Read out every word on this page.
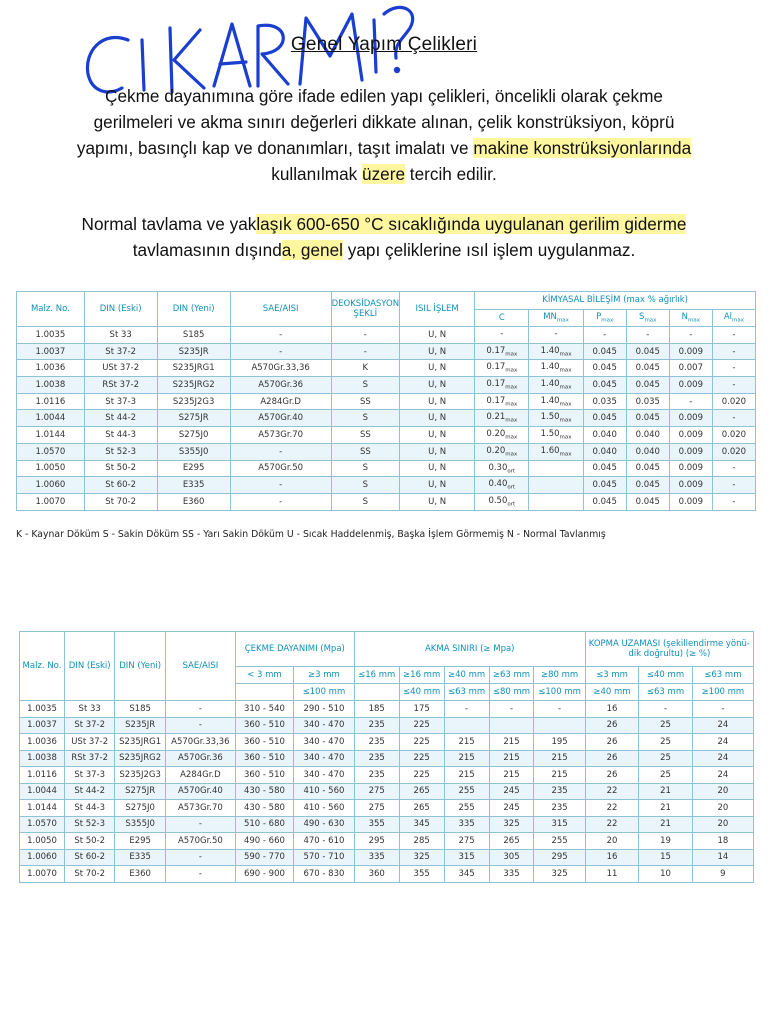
Genel Yapım Çelikleri
Çekme dayanımına göre ifade edilen yapı çelikleri, öncelikli olarak çekme
gerilmeleri ve akma sınırı değerleri dikkate alınan, çelik konstrüksiyon, köprü
yapımı, basınçlı kap ve donanımları, taşıt imalatı ve makine konstrüksiyonlarında
kullanılmak üzere tercih edilir.
Normal tavlama ve yaklaşık 600-650 °C sıcaklığında uygulanan gerilim giderme
tavlamasının dışında, genel yapı çeliklerine ısıl işlem uygulanmaz.
Malz. No.	DIN (Eski)	DIN (Yeni)	SAE/AISI	DEOKSİDASYON ŞEKLİ	ISIL İŞLEM	KİMYASAL BİLEŞİM (max % ağırlık)					
						C	$MN_{max}$	$P_{max}$	$S_{max}$	$N_{max}$	$Al_{max}$
1.0035	St 33	S185	-	-	U, N	-	-	-	-	-	-
1.0037	St 37-2	S235JR	-	-	U, N	$0.17_{max}$	$1.40_{max}$	0.045	0.045	0.009	-
1.0036	USt 37-2	S235JRG1	A570Gr.33,36	K	U, N	$0.17_{max}$	$1.40_{max}$	0.045	0.045	0.007	-
1.0038	RSt 37-2	S235JRG2	A570Gr.36	S	U, N	$0.17_{max}$	$1.40_{max}$	0.045	0.045	0.009	-
1.0116	St 37-3	S235J2G3	A284Gr.D	SS	U, N	$0.17_{max}$	$1.40_{max}$	0.035	0.035	-	0.020
1.0044	St 44-2	S275JR	A570Gr.40	S	U, N	$0.21_{max}$	$1.50_{max}$	0.045	0.045	0.009	-
1.0144	St 44-3	S275J0	A573Gr.70	SS	U, N	$0.20_{max}$	$1.50_{max}$	0.040	0.040	0.009	0.020
1.0570	St 52-3	S355J0	-	SS	U, N	$0.20_{max}$	$1.60_{max}$	0.040	0.040	0.009	0.020
1.0050	St 50-2	E295	A570Gr.50	S	U, N	$0.30_{ort}$		0.045	0.045	0.009	-
1.0060	St 60-2	E335	-	S	U, N	$0.40_{ort}$		0.045	0.045	0.009	-
1.0070	St 70-2	E360	-	S	U, N	$0.50_{ort}$		0.045	0.045	0.009	-
K - Kaynar Döküm S - Sakin Döküm SS - Yarı Sakin Döküm U - Sıcak Haddelenmiş, Başka İşlem Görmemiş N - Normal Tavlanmış
Malz. No.	DIN (Eski)	DIN (Yeni)	SAE/AISI	ÇEKME DAYANIMI (Mpa)		AKMA SINIRI (≥ Mpa)					KOPMA UZAMASI (şekillendirme yönü-dik doğrultu) (≥ %)		
				< 3 mm	≥3 mm	≤16 mm	≥16 mm	≥40 mm	≥63 mm	≥80 mm	≤3 mm	≤40 mm	≤63 mm
					≤100 mm		≤40 mm	≤63 mm	≤80 mm	≤100 mm	≥40 mm	≤63 mm	≥100 mm
1.0035	St 33	S185	-	310 - 540	290 - 510	185	175	-	-	-	16	-	-
1.0037	St 37-2	S235JR	-	360 - 510	340 - 470	235	225				26	25	24
1.0036	USt 37-2	S235JRG1	A570Gr.33,36	360 - 510	340 - 470	235	225	215	215	195	26	25	24
1.0038	RSt 37-2	S235JRG2	A570Gr.36	360 - 510	340 - 470	235	225	215	215	215	26	25	24
1.0116	St 37-3	S235J2G3	A284Gr.D	360 - 510	340 - 470	235	225	215	215	215	26	25	24
1.0044	St 44-2	S275JR	A570Gr.40	430 - 580	410 - 560	275	265	255	245	235	22	21	20
1.0144	St 44-3	S275J0	A573Gr.70	430 - 580	410 - 560	275	265	255	245	235	22	21	20
1.0570	St 52-3	S355J0	-	510 - 680	490 - 630	355	345	335	325	315	22	21	20
1.0050	St 50-2	E295	A570Gr.50	490 - 660	470 - 610	295	285	275	265	255	20	19	18
1.0060	St 60-2	E335	-	590 - 770	570 - 710	335	325	315	305	295	16	15	14
1.0070	St 70-2	E360	-	690 - 900	670 - 830	360	355	345	335	325	11	10	9
